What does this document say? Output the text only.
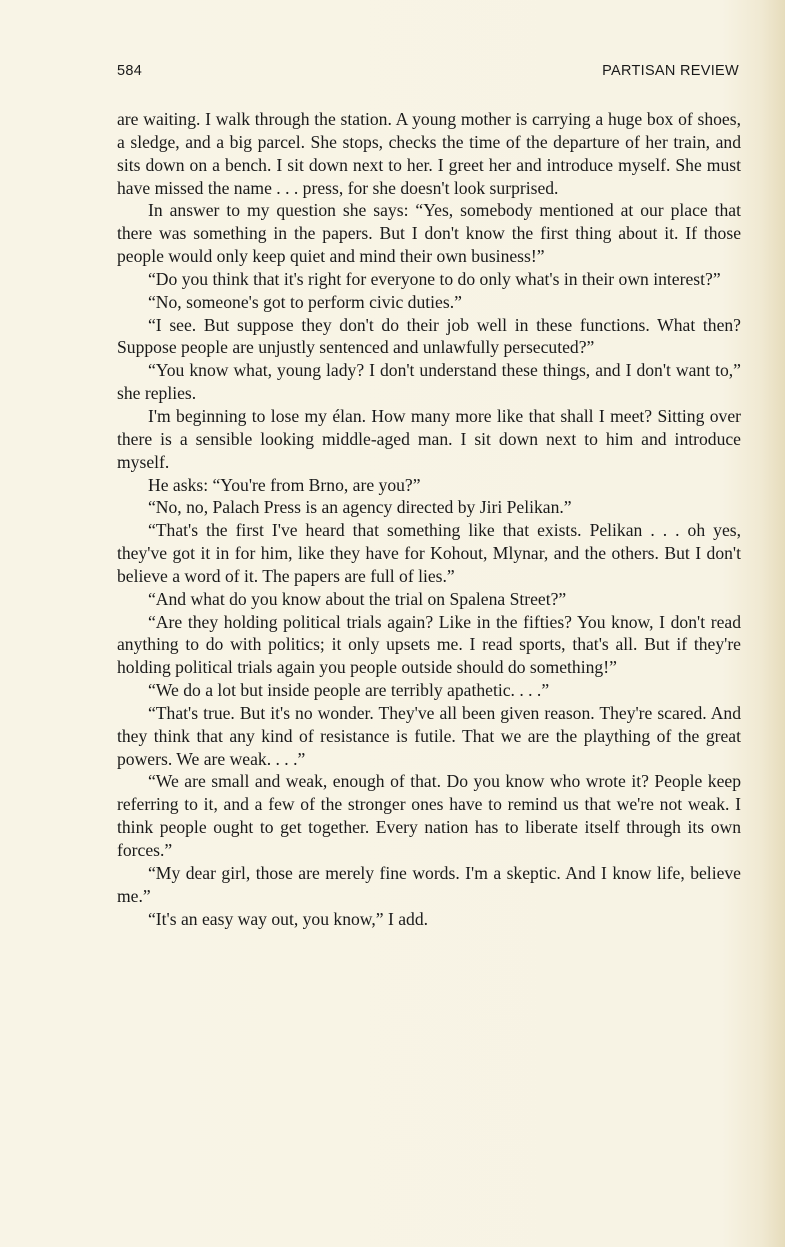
584	PARTISAN REVIEW

are waiting. I walk through the station. A young mother is carrying a huge box of shoes, a sledge, and a big parcel. She stops, checks the time of the departure of her train, and sits down on a bench. I sit down next to her. I greet her and introduce myself. She must have missed the name . . . press, for she doesn't look surprised.

In answer to my question she says: “Yes, somebody mentioned at our place that there was something in the papers. But I don't know the first thing about it. If those people would only keep quiet and mind their own business!”

“Do you think that it's right for everyone to do only what's in their own interest?”

“No, someone's got to perform civic duties.”

“I see. But suppose they don't do their job well in these functions. What then? Suppose people are unjustly sentenced and unlawfully persecuted?”

“You know what, young lady? I don't understand these things, and I don't want to,” she replies.

I'm beginning to lose my élan. How many more like that shall I meet? Sitting over there is a sensible looking middle-aged man. I sit down next to him and introduce myself.

He asks: “You're from Brno, are you?”

“No, no, Palach Press is an agency directed by Jiri Pelikan.”

“That's the first I've heard that something like that exists. Pelikan . . . oh yes, they've got it in for him, like they have for Kohout, Mlynar, and the others. But I don't believe a word of it. The papers are full of lies.”

“And what do you know about the trial on Spalena Street?”

“Are they holding political trials again? Like in the fifties? You know, I don't read anything to do with politics; it only upsets me. I read sports, that's all. But if they're holding political trials again you people outside should do something!”

“We do a lot but inside people are terribly apathetic. . . .”

“That's true. But it's no wonder. They've all been given reason. They're scared. And they think that any kind of resistance is futile. That we are the plaything of the great powers. We are weak. . . .”

“We are small and weak, enough of that. Do you know who wrote it? People keep referring to it, and a few of the stronger ones have to remind us that we're not weak. I think people ought to get together. Every nation has to liberate itself through its own forces.”

“My dear girl, those are merely fine words. I'm a skeptic. And I know life, believe me.”

“It's an easy way out, you know,” I add.
